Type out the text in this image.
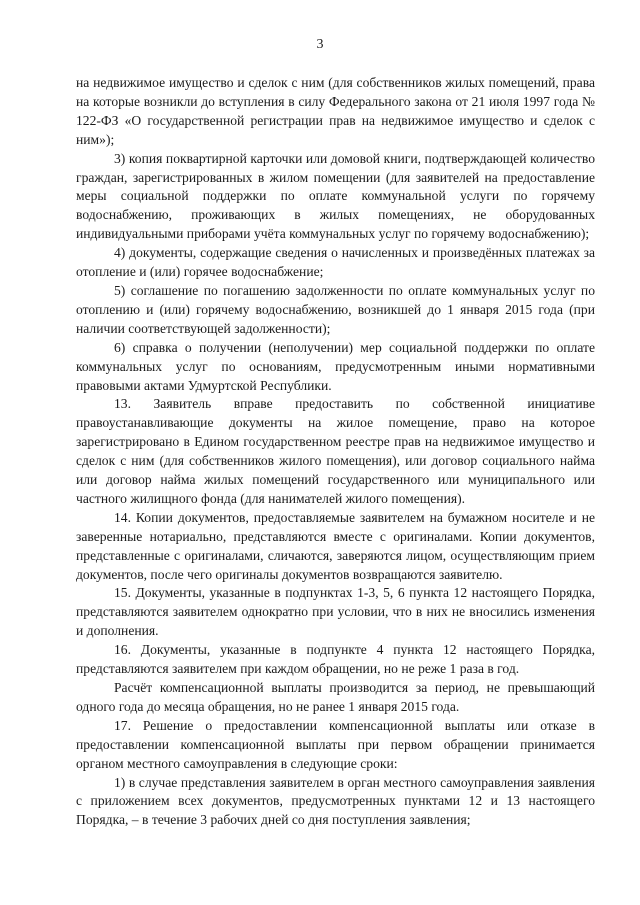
3

на недвижимое имущество и сделок с ним (для собственников жилых помещений, права на которые возникли до вступления в силу Федерального закона от 21 июля 1997 года № 122-ФЗ «О государственной регистрации прав на недвижимое имущество и сделок с ним»);

3) копия поквартирной карточки или домовой книги, подтверждающей количество граждан, зарегистрированных в жилом помещении (для заявителей на предоставление меры социальной поддержки по оплате коммунальной услуги по горячему водоснабжению, проживающих в жилых помещениях, не оборудованных индивидуальными приборами учёта коммунальных услуг по горячему водоснабжению);

4) документы, содержащие сведения о начисленных и произведённых платежах за отопление и (или) горячее водоснабжение;

5) соглашение по погашению задолженности по оплате коммунальных услуг по отоплению и (или) горячему водоснабжению, возникшей до 1 января 2015 года (при наличии соответствующей задолженности);

6) справка о получении (неполучении) мер социальной поддержки по оплате коммунальных услуг по основаниям, предусмотренным иными нормативными правовыми актами Удмуртской Республики.

13. Заявитель вправе предоставить по собственной инициативе правоустанавливающие документы на жилое помещение, право на которое зарегистрировано в Едином государственном реестре прав на недвижимое имущество и сделок с ним (для собственников жилого помещения), или договор социального найма или договор найма жилых помещений государственного или муниципального или частного жилищного фонда (для нанимателей жилого помещения).

14. Копии документов, предоставляемые заявителем на бумажном носителе и не заверенные нотариально, представляются вместе с оригиналами. Копии документов, представленные с оригиналами, сличаются, заверяются лицом, осуществляющим прием документов, после чего оригиналы документов возвращаются заявителю.

15. Документы, указанные в подпунктах 1-3, 5, 6 пункта 12 настоящего Порядка, представляются заявителем однократно при условии, что в них не вносились изменения и дополнения.

16. Документы, указанные в подпункте 4 пункта 12 настоящего Порядка, представляются заявителем при каждом обращении, но не реже 1 раза в год.

Расчёт компенсационной выплаты производится за период, не превышающий одного года до месяца обращения, но не ранее 1 января 2015 года.

17. Решение о предоставлении компенсационной выплаты или отказе в предоставлении компенсационной выплаты при первом обращении принимается органом местного самоуправления в следующие сроки:

1) в случае представления заявителем в орган местного самоуправления заявления с приложением всех документов, предусмотренных пунктами 12 и 13 настоящего Порядка, – в течение 3 рабочих дней со дня поступления заявления;
